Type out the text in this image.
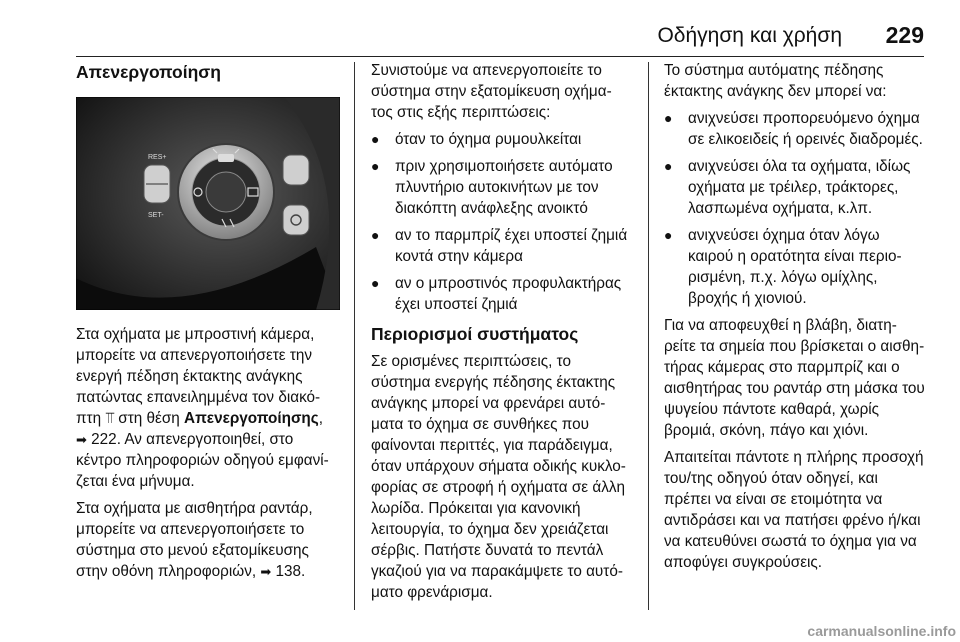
Οδήγηση και χρήση 229
Απενεργοποίηση
RES+
SET-

Στα οχήματα με μπροστινή κάμερα, μπορείτε να απενεργοποιήσετε την ενεργή πέδηση έκτακτης ανάγκης πατώντας επανειλημμένα τον διακό-πτη ⫪ στη θέση Απενεργοποίησης,
➡ 222. Αν απενεργοποιηθεί, στο κέντρο πληροφοριών οδηγού εμφανί-ζεται ένα μήνυμα.

Στα οχήματα με αισθητήρα ραντάρ, μπορείτε να απενεργοποιήσετε το σύστημα στο μενού εξατομίκευσης στην οθόνη πληροφοριών, ➡ 138.

Συνιστούμε να απενεργοποιείτε το σύστημα στην εξατομίκευση οχήμα-τος στις εξής περιπτώσεις:

● όταν το όχημα ρυμουλκείται
● πριν χρησιμοποιήσετε αυτόματο πλυντήριο αυτοκινήτων με τον διακόπτη ανάφλεξης ανοικτό
● αν το παρμπρίζ έχει υποστεί ζημιά κοντά στην κάμερα
● αν ο μπροστινός προφυλακτήρας έχει υποστεί ζημιά
Περιορισμοί συστήματος

Σε ορισμένες περιπτώσεις, το σύστημα ενεργής πέδησης έκτακτης ανάγκης μπορεί να φρενάρει αυτό-ματα το όχημα σε συνθήκες που φαίνονται περιττές, για παράδειγμα, όταν υπάρχουν σήματα οδικής κυκλο-φορίας σε στροφή ή οχήματα σε άλλη λωρίδα. Πρόκειται για κανονική λειτουργία, το όχημα δεν χρειάζεται σέρβις. Πατήστε δυνατά το πεντάλ γκαζιού για να παρακάμψετε το αυτό-ματο φρενάρισμα.

Το σύστημα αυτόματης πέδησης έκτακτης ανάγκης δεν μπορεί να:

● ανιχνεύσει προπορευόμενο όχημα σε ελικοειδείς ή ορεινές διαδρομές.
● ανιχνεύσει όλα τα οχήματα, ιδίως οχήματα με τρέιλερ, τράκτορες, λασπωμένα οχήματα, κ.λπ.
● ανιχνεύσει όχημα όταν λόγω καιρού η ορατότητα είναι περιο-ρισμένη, π.χ. λόγω ομίχλης, βροχής ή χιονιού.

Για να αποφευχθεί η βλάβη, διατη-ρείτε τα σημεία που βρίσκεται ο αισθη-τήρας κάμερας στο παρμπρίζ και ο αισθητήρας του ραντάρ στη μάσκα του ψυγείου πάντοτε καθαρά, χωρίς βρομιά, σκόνη, πάγο και χιόνι.

Απαιτείται πάντοτε η πλήρης προσοχή του/της οδηγού όταν οδηγεί, και πρέπει να είναι σε ετοιμότητα να αντιδράσει και να πατήσει φρένο ή/και να κατευθύνει σωστά το όχημα για να αποφύγει συγκρούσεις.

carmanualsonline.info
